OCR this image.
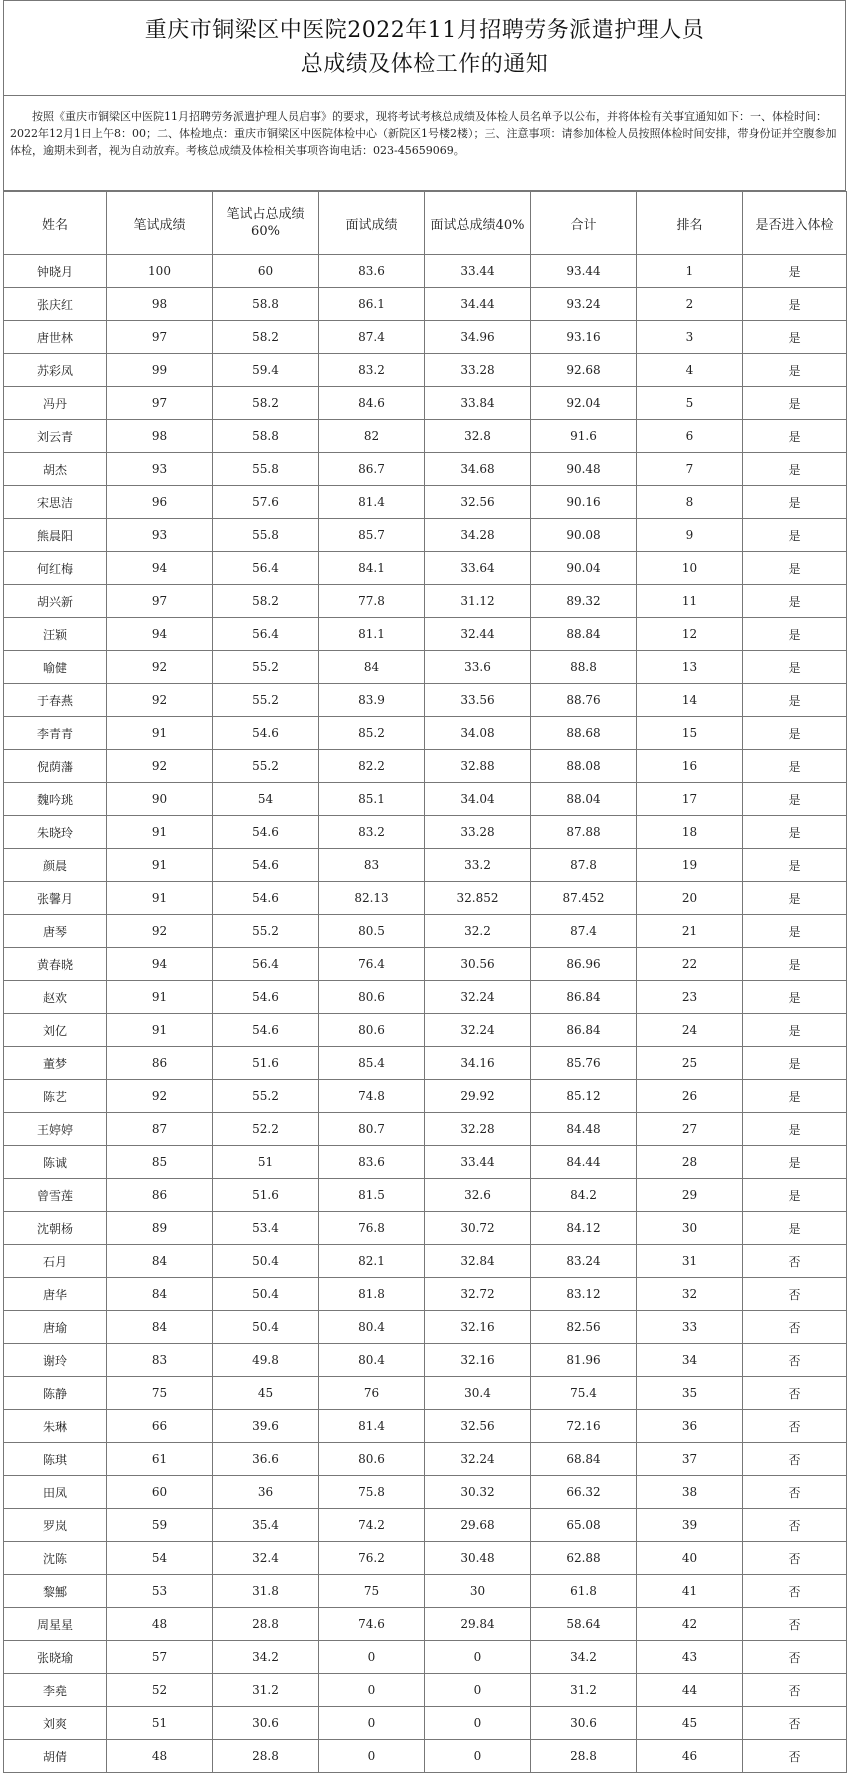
重庆市铜梁区中医院2022年11月招聘劳务派遣护理人员
总成绩及体检工作的通知
按照《重庆市铜梁区中医院11月招聘劳务派遣护理人员启事》的要求，现将考试考核总成绩及体检人员名单予以公布，并将体检有关事宜通知如下：一、体检时间：2022年12月1日上午8：00；二、体检地点：重庆市铜梁区中医院体检中心（新院区1号楼2楼）；三、注意事项：请参加体检人员按照体检时间安排，带身份证并空腹参加体检，逾期未到者，视为自动放弃。考核总成绩及体检相关事项咨询电话：023-45659069。
姓名	笔试成绩	笔试占总成绩60%	面试成绩	面试总成绩40%	合计	排名	是否进入体检
钟晓月	100	60	83.6	33.44	93.44	1	是
张庆红	98	58.8	86.1	34.44	93.24	2	是
唐世林	97	58.2	87.4	34.96	93.16	3	是
苏彩凤	99	59.4	83.2	33.28	92.68	4	是
冯丹	97	58.2	84.6	33.84	92.04	5	是
刘云青	98	58.8	82	32.8	91.6	6	是
胡杰	93	55.8	86.7	34.68	90.48	7	是
宋思洁	96	57.6	81.4	32.56	90.16	8	是
熊晨阳	93	55.8	85.7	34.28	90.08	9	是
何红梅	94	56.4	84.1	33.64	90.04	10	是
胡兴新	97	58.2	77.8	31.12	89.32	11	是
汪颖	94	56.4	81.1	32.44	88.84	12	是
喻健	92	55.2	84	33.6	88.8	13	是
于春燕	92	55.2	83.9	33.56	88.76	14	是
李青青	91	54.6	85.2	34.08	88.68	15	是
倪荫藩	92	55.2	82.2	32.88	88.08	16	是
魏吟珧	90	54	85.1	34.04	88.04	17	是
朱晓玲	91	54.6	83.2	33.28	87.88	18	是
颜晨	91	54.6	83	33.2	87.8	19	是
张馨月	91	54.6	82.13	32.852	87.452	20	是
唐琴	92	55.2	80.5	32.2	87.4	21	是
黄春晓	94	56.4	76.4	30.56	86.96	22	是
赵欢	91	54.6	80.6	32.24	86.84	23	是
刘亿	91	54.6	80.6	32.24	86.84	24	是
董梦	86	51.6	85.4	34.16	85.76	25	是
陈艺	92	55.2	74.8	29.92	85.12	26	是
王婷婷	87	52.2	80.7	32.28	84.48	27	是
陈诚	85	51	83.6	33.44	84.44	28	是
曾雪莲	86	51.6	81.5	32.6	84.2	29	是
沈朝杨	89	53.4	76.8	30.72	84.12	30	是
石月	84	50.4	82.1	32.84	83.24	31	否
唐华	84	50.4	81.8	32.72	83.12	32	否
唐瑜	84	50.4	80.4	32.16	82.56	33	否
谢玲	83	49.8	80.4	32.16	81.96	34	否
陈静	75	45	76	30.4	75.4	35	否
朱琳	66	39.6	81.4	32.56	72.16	36	否
陈琪	61	36.6	80.6	32.24	68.84	37	否
田凤	60	36	75.8	30.32	66.32	38	否
罗岚	59	35.4	74.2	29.68	65.08	39	否
沈陈	54	32.4	76.2	30.48	62.88	40	否
黎鄦	53	31.8	75	30	61.8	41	否
周星星	48	28.8	74.6	29.84	58.64	42	否
张晓瑜	57	34.2	0	0	34.2	43	否
李堯	52	31.2	0	0	31.2	44	否
刘爽	51	30.6	0	0	30.6	45	否
胡倩	48	28.8	0	0	28.8	46	否
